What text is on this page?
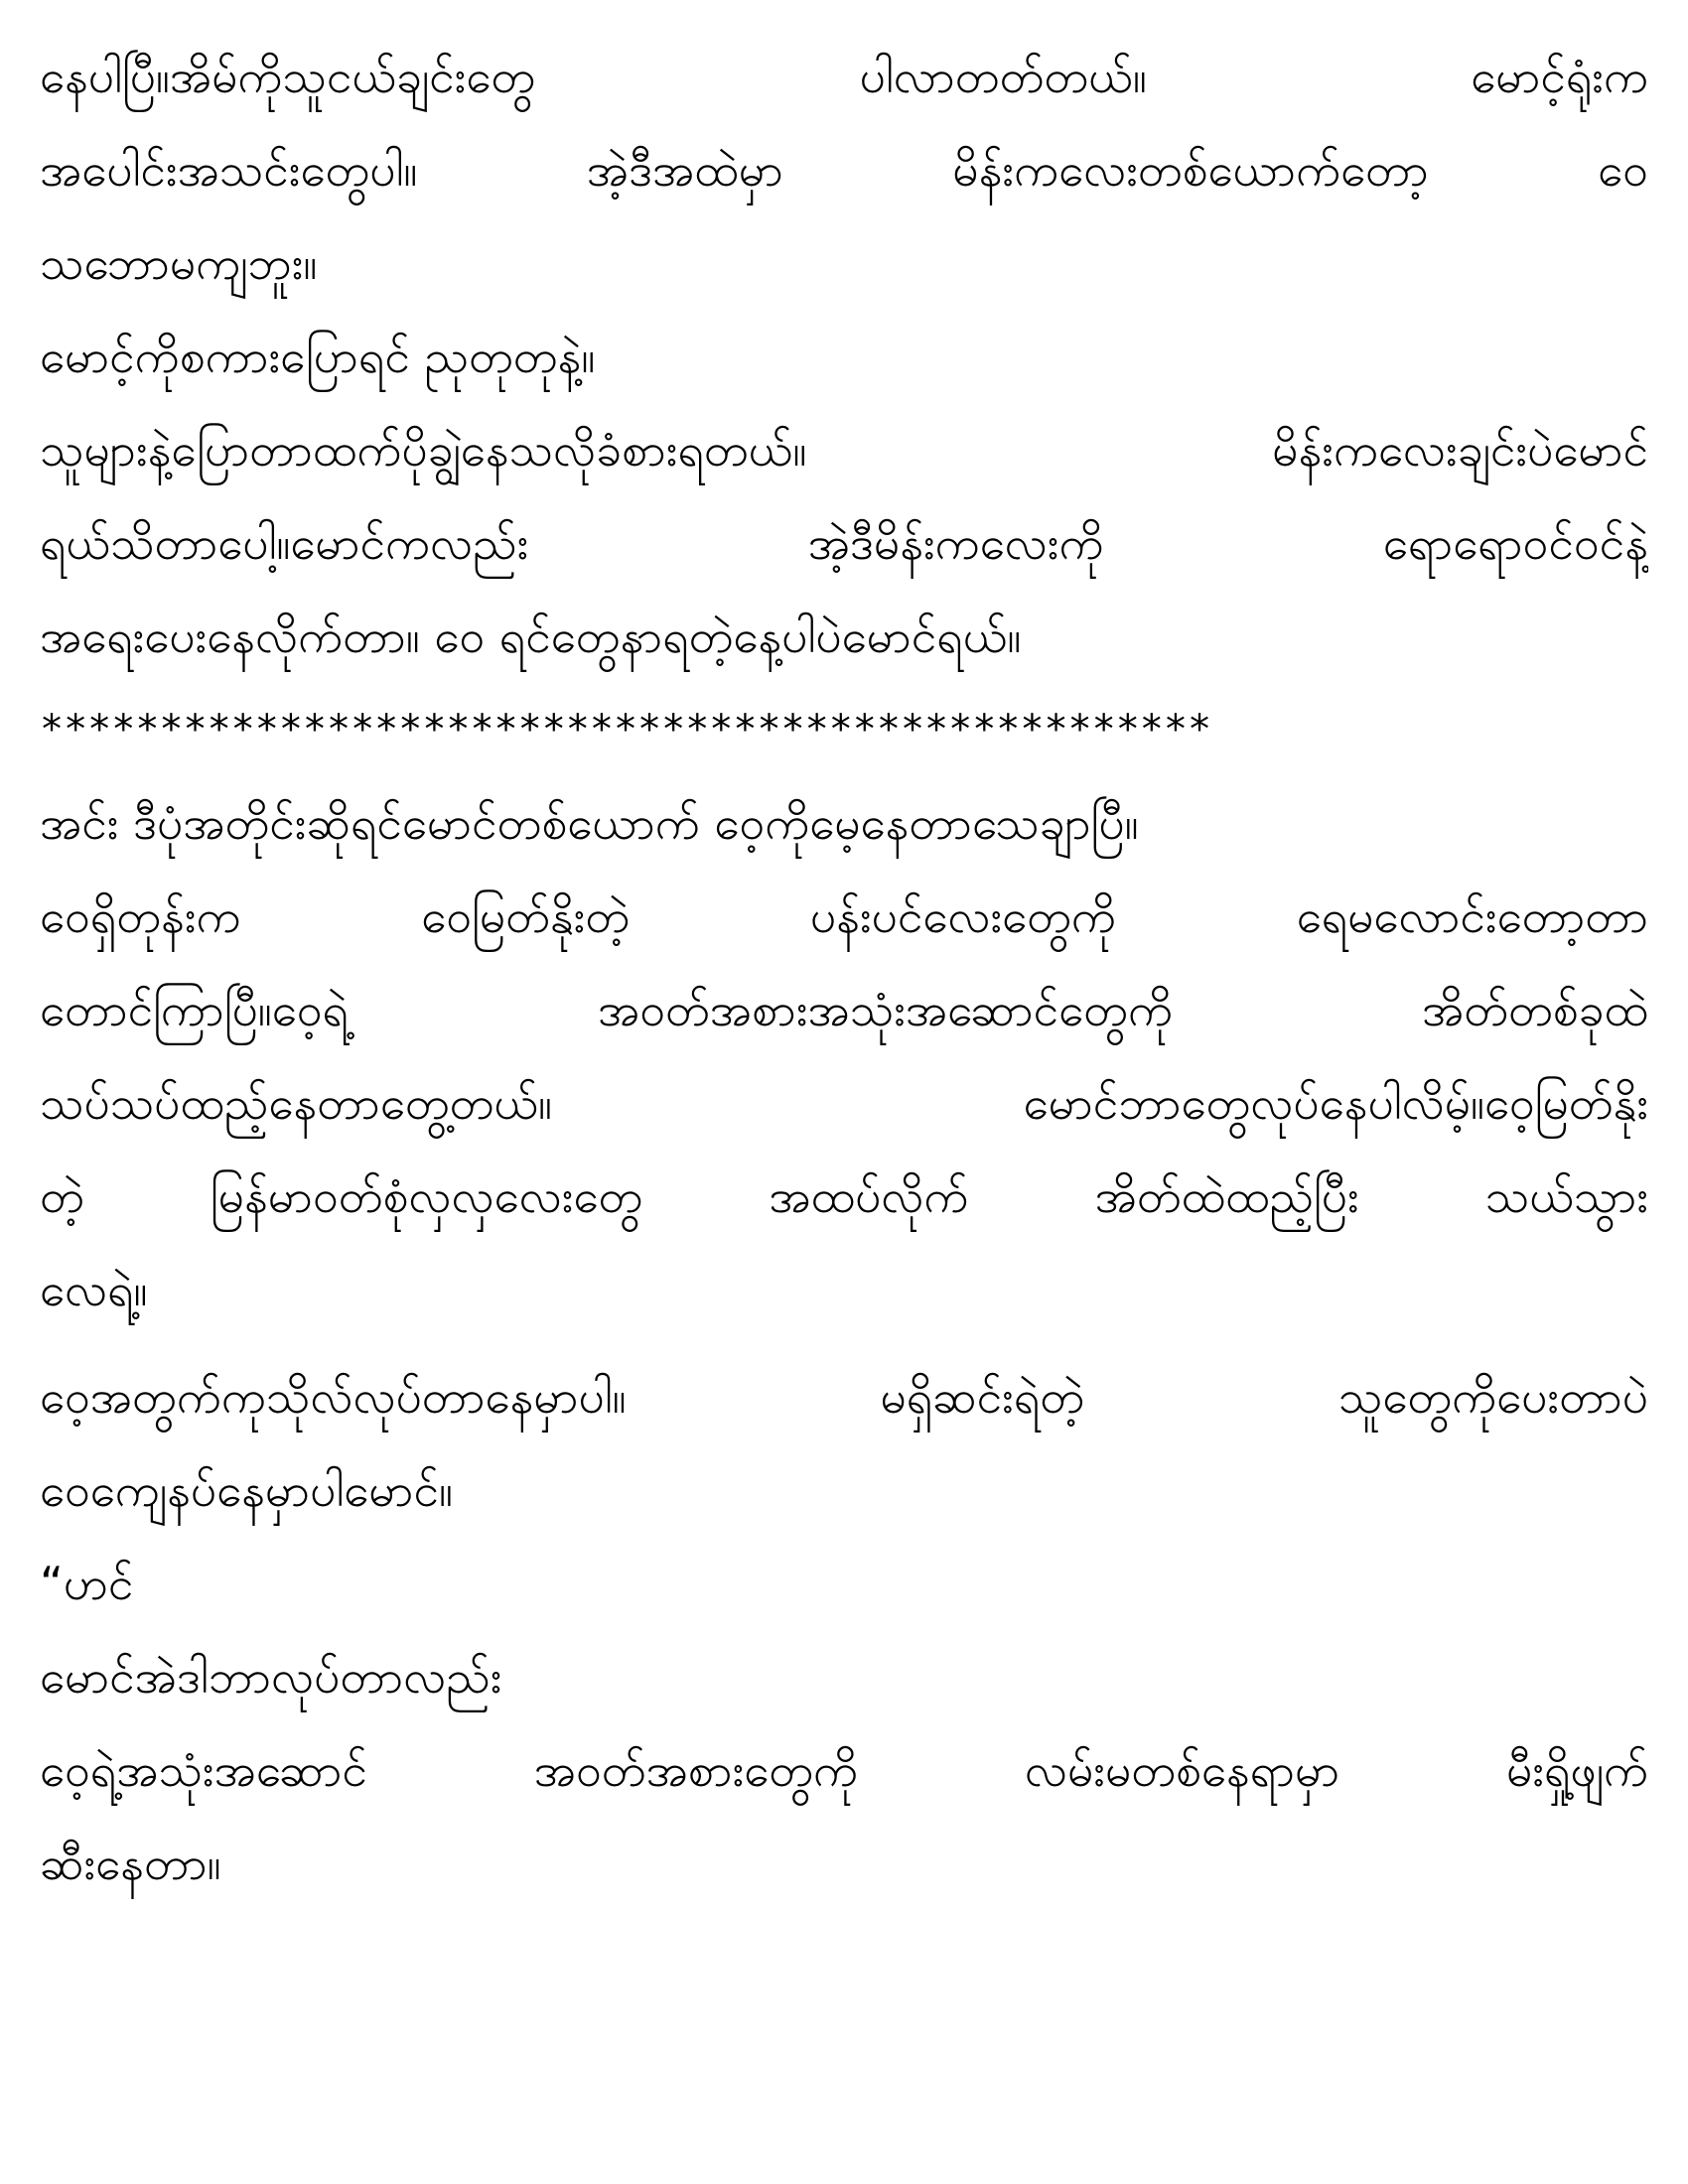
နေပါပြီ။အိမ်ကိုသူငယ်ချင်းတွေ ပါလာတတ်တယ်။ မောင့်ရုံးက
အပေါင်းအသင်းတွေပါ။ အဲ့ဒီအထဲမှာ မိန်းကလေးတစ်ယောက်တော့ ဝေ
သဘောမကျဘူး။
မောင့်ကိုစကားပြောရင် ညုတုတုနဲ့။
သူများနဲ့ပြောတာထက်ပိုချွဲနေသလိုခံစားရတယ်။ မိန်းကလေးချင်းပဲမောင်
ရယ်သိတာပေါ့။မောင်ကလည်း အဲ့ဒီမိန်းကလေးကို ရောရောဝင်ဝင်နဲ့
အရေးပေးနေလိုက်တာ။ ဝေ ရင်တွေနာရတဲ့နေ့ပါပဲမောင်ရယ်။
*************************************************
အင်း ဒီပုံအတိုင်းဆိုရင်မောင်တစ်ယောက် ဝေ့ကိုမေ့နေတာသေချာပြီ။
ဝေရှိတုန်းက ဝေမြတ်နိုးတဲ့ ပန်းပင်လေးတွေကို ရေမလောင်းတော့တာ
တောင်ကြာပြီ။ဝေ့ရဲ့ အဝတ်အစားအသုံးအဆောင်တွေကို အိတ်တစ်ခုထဲ
သပ်သပ်ထည့်နေတာတွေ့တယ်။ မောင်ဘာတွေလုပ်နေပါလိမ့်။ဝေ့မြတ်နိုး
တဲ့ မြန်မာဝတ်စုံလှလှလေးတွေ အထပ်လိုက် အိတ်ထဲထည့်ပြီး သယ်သွား
လေရဲ့။
ဝေ့အတွက်ကုသိုလ်လုပ်တာနေမှာပါ။ မရှိဆင်းရဲတဲ့ သူတွေကိုပေးတာပဲ
ဝေကျေနပ်နေမှာပါမောင်။
“ဟင်
မောင်အဲဒါဘာလုပ်တာလည်း
ဝေ့ရဲ့အသုံးအဆောင် အဝတ်အစားတွေကို လမ်းမတစ်နေရာမှာ မီးရှို့ဖျက်
ဆီးနေတာ။
